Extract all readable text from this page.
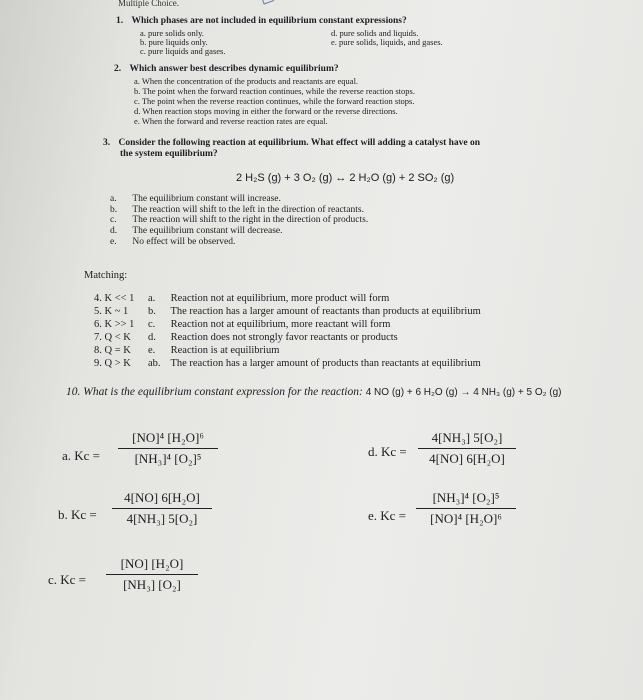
Multiple Choice.
1. Which phases are not included in equilibrium constant expressions?
a. pure solids only.
b. pure liquids only.
c. pure liquids and gases.
d. pure solids and liquids.
e. pure solids, liquids, and gases.
2. Which answer best describes dynamic equilibrium?
a. When the concentration of the products and reactants are equal.
b. The point when the forward reaction continues, while the reverse reaction stops.
c. The point when the reverse reaction continues, while the forward reaction stops.
d. When reaction stops moving in either the forward or the reverse directions.
e. When the forward and reverse reaction rates are equal.
3. Consider the following reaction at equilibrium. What effect will adding a catalyst have on
the system equilibrium?
2 H₂S (g) + 3 O₂ (g) ↔ 2 H₂O (g) + 2 SO₂ (g)
a. The equilibrium constant will increase.
b. The reaction will shift to the left in the direction of reactants.
c. The reaction will shift to the right in the direction of products.
d. The equilibrium constant will decrease.
e. No effect will be observed.
Matching:
4. K << 1
5. K ~ 1
6. K >> 1
7. Q < K
8. Q = K
9. Q > K
a. Reaction not at equilibrium, more product will form
b. The reaction has a larger amount of reactants than products at equilibrium
c. Reaction not at equilibrium, more reactant will form
d. Reaction does not strongly favor reactants or products
e. Reaction is at equilibrium
ab. The reaction has a larger amount of products than reactants at equilibrium
10. What is the equilibrium constant expression for the reaction: 4 NO (g) + 6 H₂O (g) → 4 NH₃ (g) + 5 O₂ (g)
a. Kc =
[NO]⁴ [H₂O]⁶
[NH₃]⁴ [O₂]⁵
b. Kc =
4[NO] 6[H₂O]
4[NH₃] 5[O₂]
c. Kc =
[NO] [H₂O]
[NH₃] [O₂]
d. Kc =
4[NH₃] 5[O₂]
4[NO] 6[H₂O]
e. Kc =
[NH₃]⁴ [O₂]⁵
[NO]⁴ [H₂O]⁶
